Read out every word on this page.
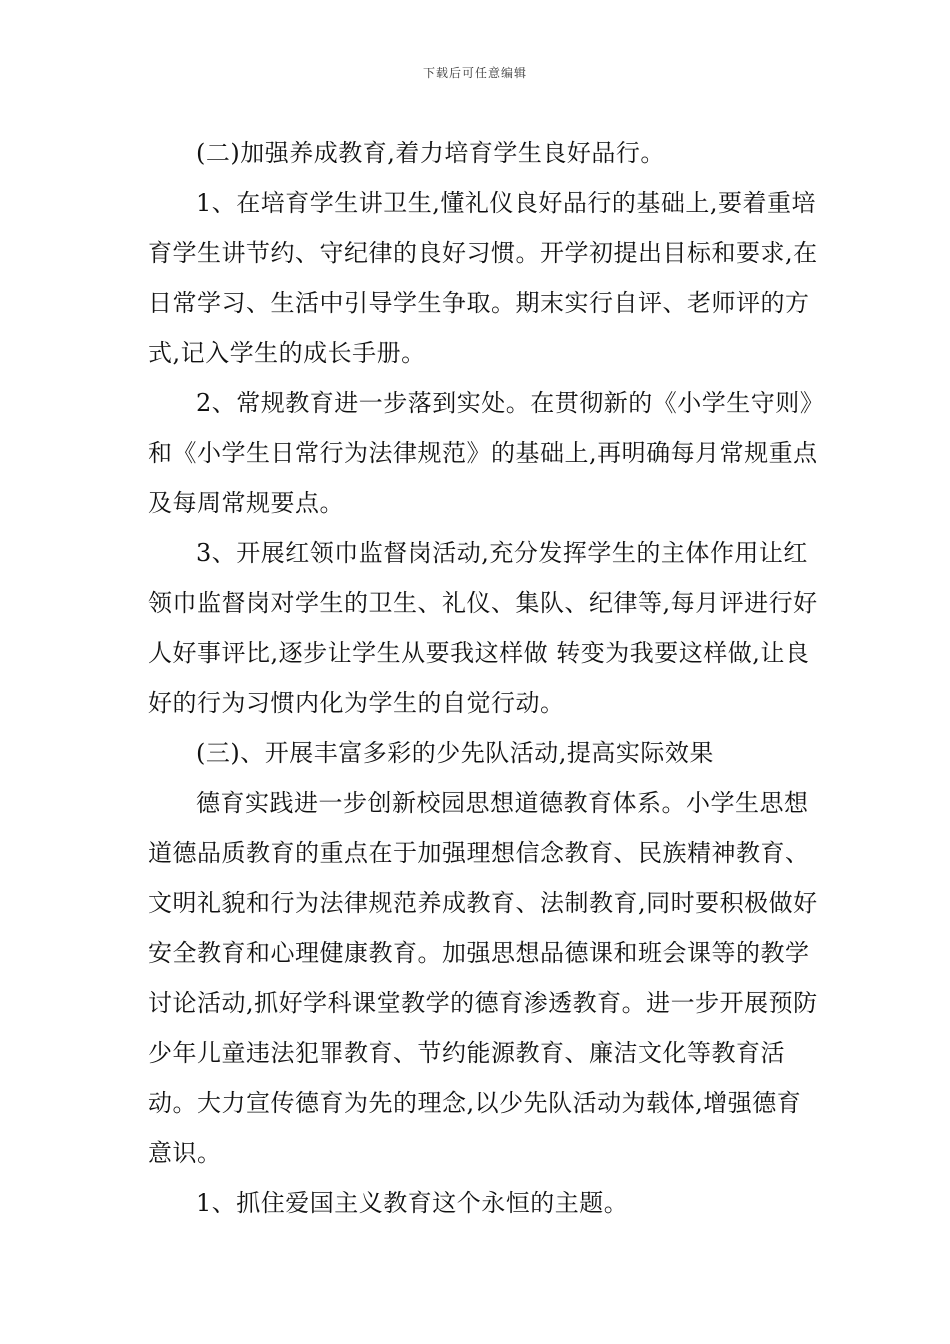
下载后可任意编辑

(二)加强养成教育,着力培育学生良好品行。

1、在培育学生讲卫生,懂礼仪良好品行的基础上,要着重培育学生讲节约、守纪律的良好习惯。开学初提出目标和要求,在日常学习、生活中引导学生争取。期末实行自评、老师评的方式,记入学生的成长手册。

2、常规教育进一步落到实处。在贯彻新的《小学生守则》和《小学生日常行为法律规范》的基础上,再明确每月常规重点及每周常规要点。

3、开展红领巾监督岗活动,充分发挥学生的主体作用让红领巾监督岗对学生的卫生、礼仪、集队、纪律等,每月评进行好人好事评比,逐步让学生从要我这样做 转变为我要这样做,让良好的行为习惯内化为学生的自觉行动。

(三)、开展丰富多彩的少先队活动,提高实际效果

德育实践进一步创新校园思想道德教育体系。小学生思想道德品质教育的重点在于加强理想信念教育、民族精神教育、文明礼貌和行为法律规范养成教育、法制教育,同时要积极做好安全教育和心理健康教育。加强思想品德课和班会课等的教学讨论活动,抓好学科课堂教学的德育渗透教育。进一步开展预防少年儿童违法犯罪教育、节约能源教育、廉洁文化等教育活动。大力宣传德育为先的理念,以少先队活动为载体,增强德育意识。

1、抓住爱国主义教育这个永恒的主题。
